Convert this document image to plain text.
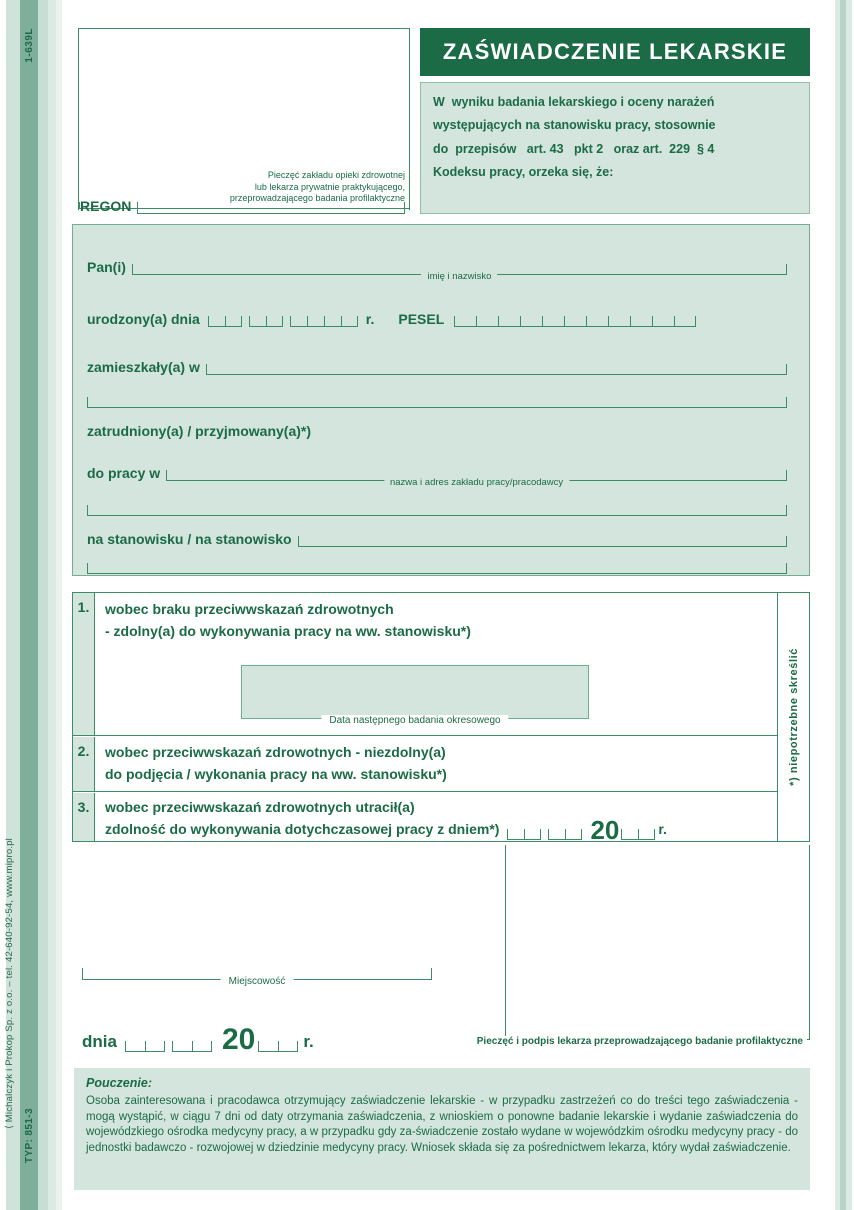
1-639L
⟨ Michalczyk i Prokop Sp. z o.o. – tel. 42-640-92-54, www.mipro.pl
TYP: 851-3
Pieczęć zakładu opieki zdrowotnej
lub lekarza prywatnie praktykującego,
przeprowadzającego badania profilaktyczne
ZAŚWIADCZENIE LEKARSKIE

W  wyniku badania lekarskiego i oceny narażeń

występujących na stanowisku pracy, stosownie

do  przepisów   art. 43   pkt 2   oraz art.  229  § 4

Kodeksu pracy, orzeka się, że:

REGON
Pan(i)
imię i nazwisko
urodzony(a) dnia	r. PESEL
zamieszkały(a) w
zatrudniony(a) / przyjmowany(a)*)
do pracy w
nazwa i adres zakładu pracy/pracodawcy
na stanowisku / na stanowisko
1.	wobec braku przeciwwskazań zdrowotnych
- zdolny(a) do wykonywania pracy na ww. stanowisku*)
Data następnego badania okresowego
2.	wobec przeciwwskazań zdrowotnych - niezdolny(a)
do podjęcia / wykonania pracy na ww. stanowisku*)
3.	wobec przeciwwskazań zdrowotnych utracił(a)
zdolność do wykonywania dotychczasowej pracy z dniem*)	20	r.
*) niepotrzebne skreślić
Pieczęć i podpis lekarza przeprowadzającego badanie profilaktyczne
Miejscowość
dnia	20	r.
Pouczenie:
Osoba zainteresowana i pracodawca otrzymujący zaświadczenie lekarskie - w przypadku zastrzeżeń co do treści tego zaświadczenia - mogą wystąpić, w ciągu 7 dni od daty otrzymania zaświadczenia, z wnioskiem o ponowne badanie lekarskie i wydanie zaświadczenia do wojewódzkiego ośrodka medycyny pracy, a w przypadku gdy za-świadczenie zostało wydane w wojewódzkim ośrodku medycyny pracy - do jednostki badawczo - rozwojowej w dziedzinie medycyny pracy. Wniosek składa się za pośrednictwem lekarza, który wydał zaświadczenie.
